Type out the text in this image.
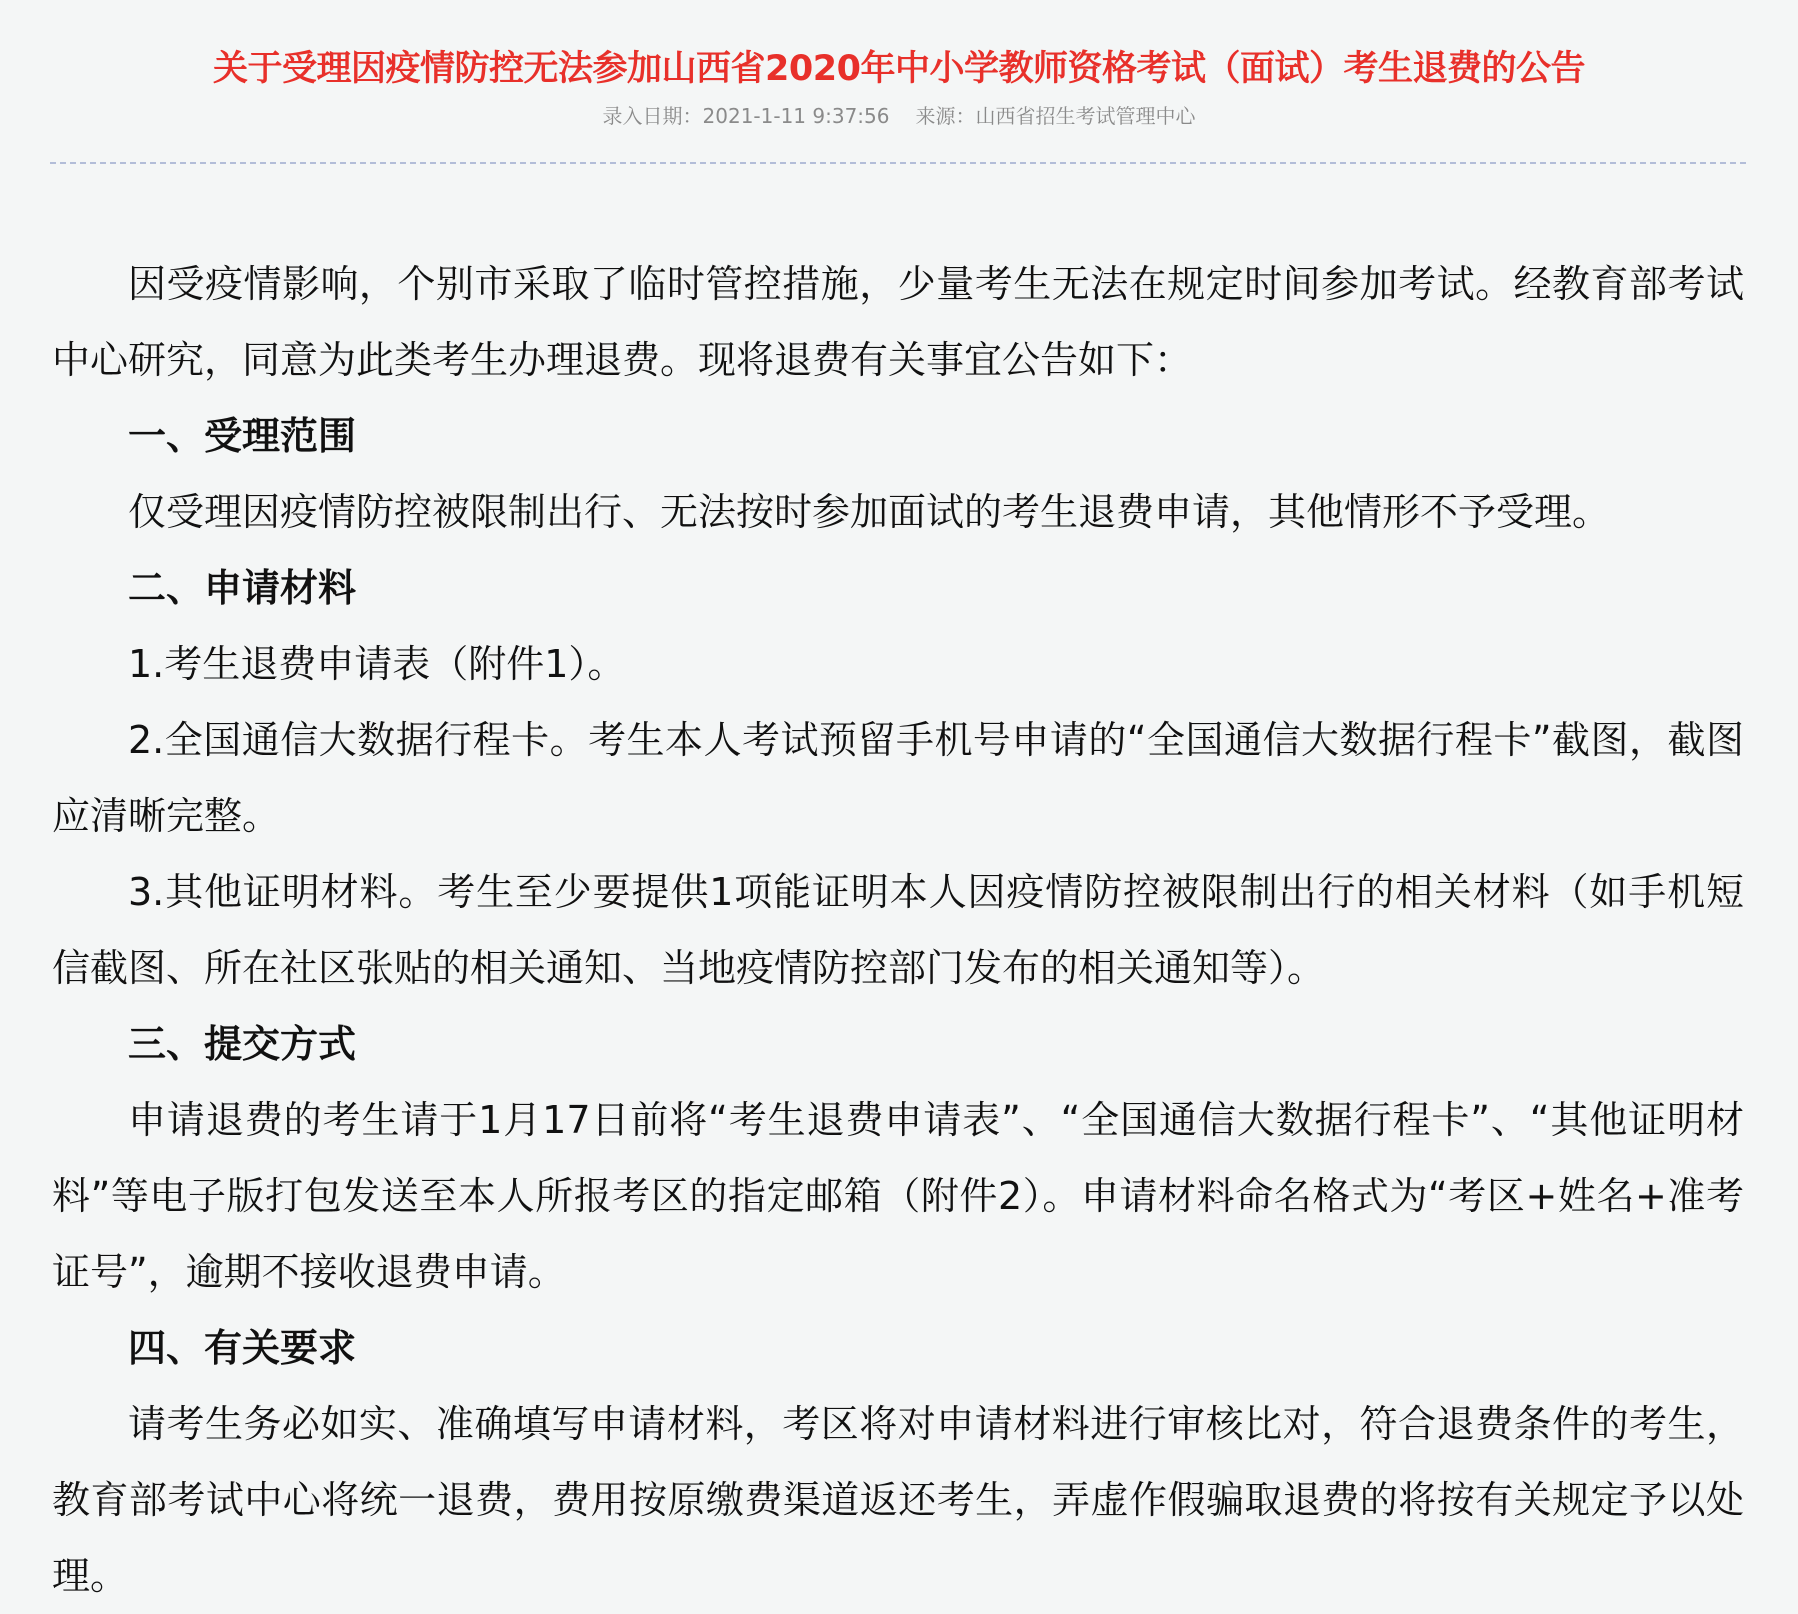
关于受理因疫情防控无法参加山西省2020年中小学教师资格考试（面试）考生退费的公告
录入日期：2021-1-11 9:37:56 来源：山西省招生考试管理中心
因受疫情影响，个别市采取了临时管控措施，少量考生无法在规定时间参加考试。经教育部考试
中心研究，同意为此类考生办理退费。现将退费有关事宜公告如下：
一、受理范围
仅受理因疫情防控被限制出行、无法按时参加面试的考生退费申请，其他情形不予受理。
二、申请材料
1.考生退费申请表（附件1）。
2.全国通信大数据行程卡。考生本人考试预留手机号申请的“全国通信大数据行程卡”截图，截图
应清晰完整。
3.其他证明材料。考生至少要提供1项能证明本人因疫情防控被限制出行的相关材料（如手机短
信截图、所在社区张贴的相关通知、当地疫情防控部门发布的相关通知等）。
三、提交方式
申请退费的考生请于1月17日前将“考生退费申请表”、“全国通信大数据行程卡”、“其他证明材
料”等电子版打包发送至本人所报考区的指定邮箱（附件2）。申请材料命名格式为“考区+姓名+准考
证号”，逾期不接收退费申请。
四、有关要求
请考生务必如实、准确填写申请材料，考区将对申请材料进行审核比对，符合退费条件的考生，
教育部考试中心将统一退费，费用按原缴费渠道返还考生，弄虚作假骗取退费的将按有关规定予以处
理。
